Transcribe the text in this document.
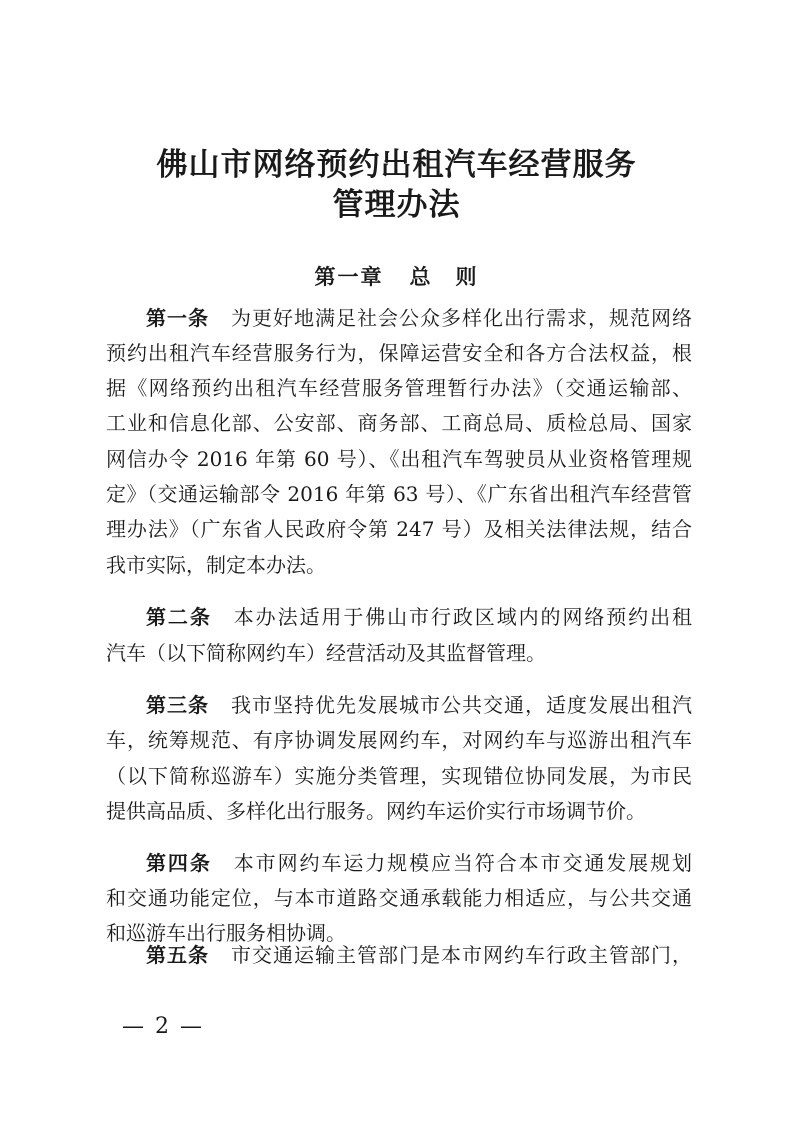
佛山市网络预约出租汽车经营服务
管理办法
第一章 总　则
第一条 为更好地满足社会公众多样化出行需求，规范网络
预约出租汽车经营服务行为，保障运营安全和各方合法权益，根
据《网络预约出租汽车经营服务管理暂行办法》（交通运输部、
工业和信息化部、公安部、商务部、工商总局、质检总局、国家
网信办令 2016 年第 60 号）、《出租汽车驾驶员从业资格管理规
定》（交通运输部令 2016 年第 63 号）、《广东省出租汽车经营管
理办法》（广东省人民政府令第 247 号）及相关法律法规，结合
我市实际，制定本办法。
第二条 本办法适用于佛山市行政区域内的网络预约出租
汽车（以下简称网约车）经营活动及其监督管理。
第三条 我市坚持优先发展城市公共交通，适度发展出租汽
车，统筹规范、有序协调发展网约车，对网约车与巡游出租汽车
（以下简称巡游车）实施分类管理，实现错位协同发展，为市民
提供高品质、多样化出行服务。网约车运价实行市场调节价。
第四条 本市网约车运力规模应当符合本市交通发展规划
和交通功能定位，与本市道路交通承载能力相适应，与公共交通
和巡游车出行服务相协调。
第五条 市交通运输主管部门是本市网约车行政主管部门，
— 2 —
